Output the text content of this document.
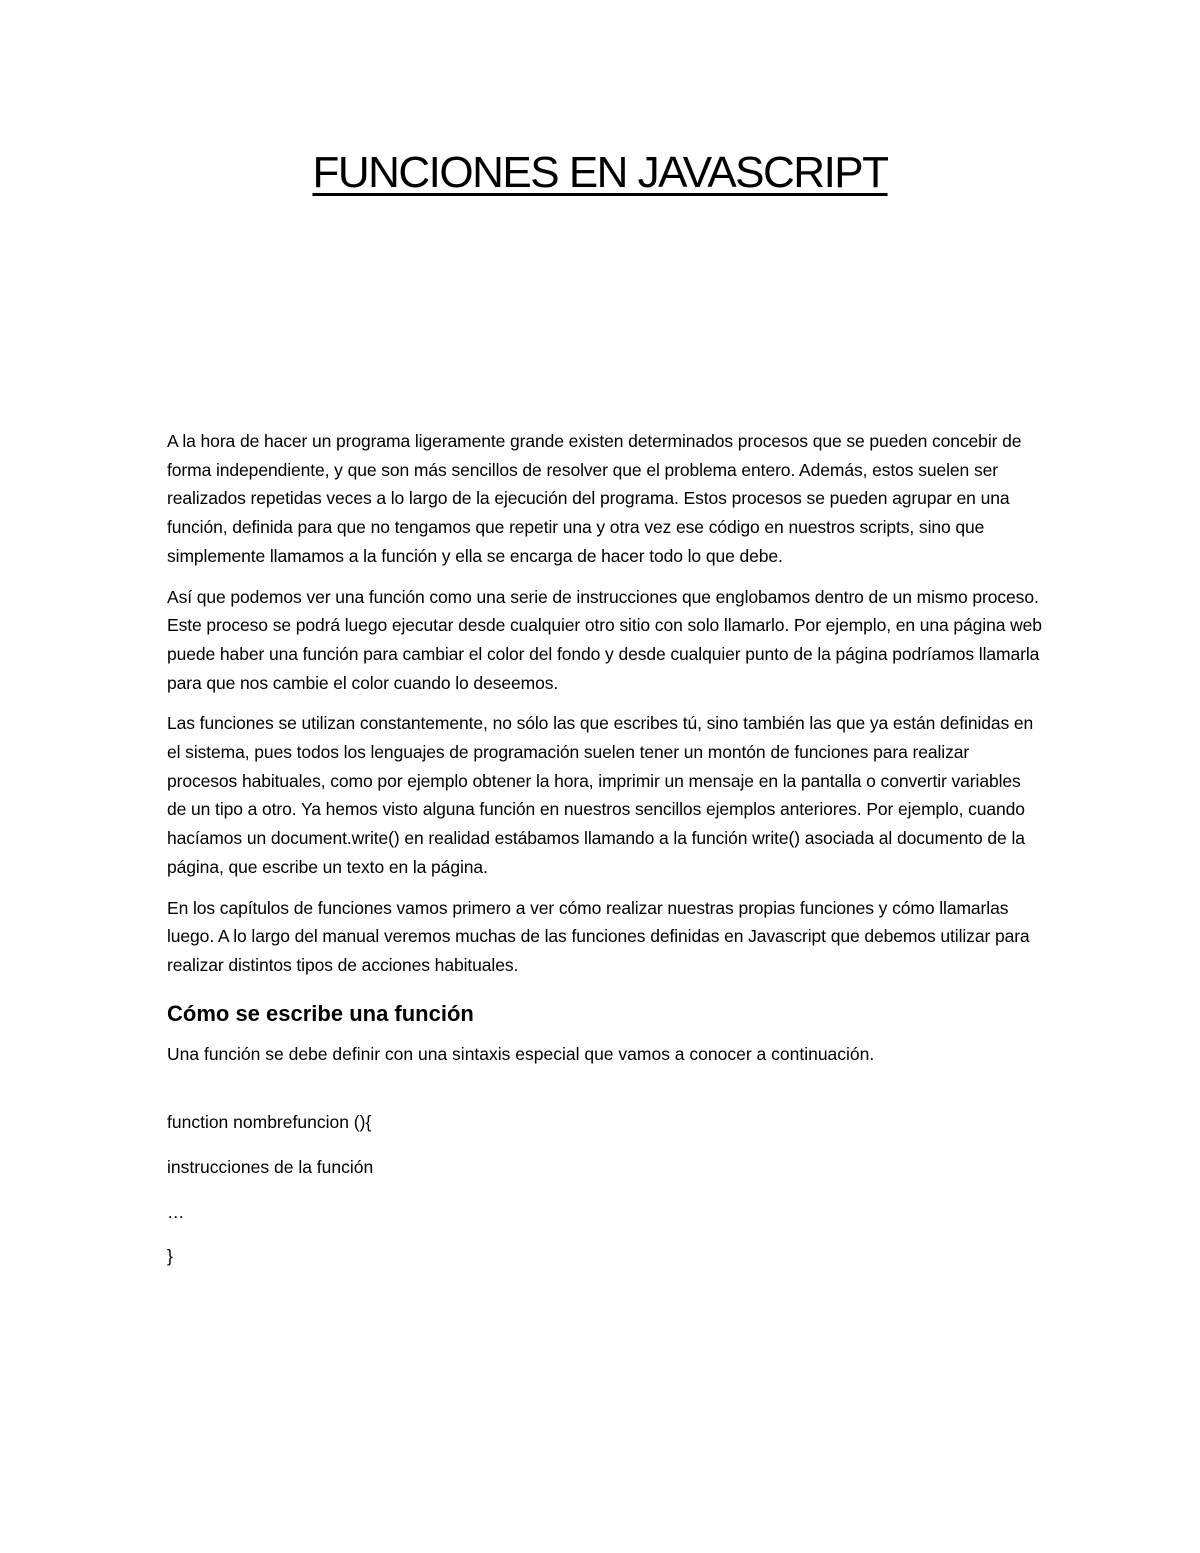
FUNCIONES EN JAVASCRIPT

A la hora de hacer un programa ligeramente grande existen determinados procesos que se pueden concebir de forma independiente, y que son más sencillos de resolver que el problema entero. Además, estos suelen ser realizados repetidas veces a lo largo de la ejecución del programa. Estos procesos se pueden agrupar en una función, definida para que no tengamos que repetir una y otra vez ese código en nuestros scripts, sino que simplemente llamamos a la función y ella se encarga de hacer todo lo que debe.

Así que podemos ver una función como una serie de instrucciones que englobamos dentro de un mismo proceso. Este proceso se podrá luego ejecutar desde cualquier otro sitio con solo llamarlo. Por ejemplo, en una página web puede haber una función para cambiar el color del fondo y desde cualquier punto de la página podríamos llamarla para que nos cambie el color cuando lo deseemos.

Las funciones se utilizan constantemente, no sólo las que escribes tú, sino también las que ya están definidas en el sistema, pues todos los lenguajes de programación suelen tener un montón de funciones para realizar procesos habituales, como por ejemplo obtener la hora, imprimir un mensaje en la pantalla o convertir variables de un tipo a otro. Ya hemos visto alguna función en nuestros sencillos ejemplos anteriores. Por ejemplo, cuando hacíamos un document.write() en realidad estábamos llamando a la función write() asociada al documento de la página, que escribe un texto en la página.

En los capítulos de funciones vamos primero a ver cómo realizar nuestras propias funciones y cómo llamarlas luego. A lo largo del manual veremos muchas de las funciones definidas en Javascript que debemos utilizar para realizar distintos tipos de acciones habituales.

Cómo se escribe una función

Una función se debe definir con una sintaxis especial que vamos a conocer a continuación.

function nombrefuncion (){

instrucciones de la función

…

}
